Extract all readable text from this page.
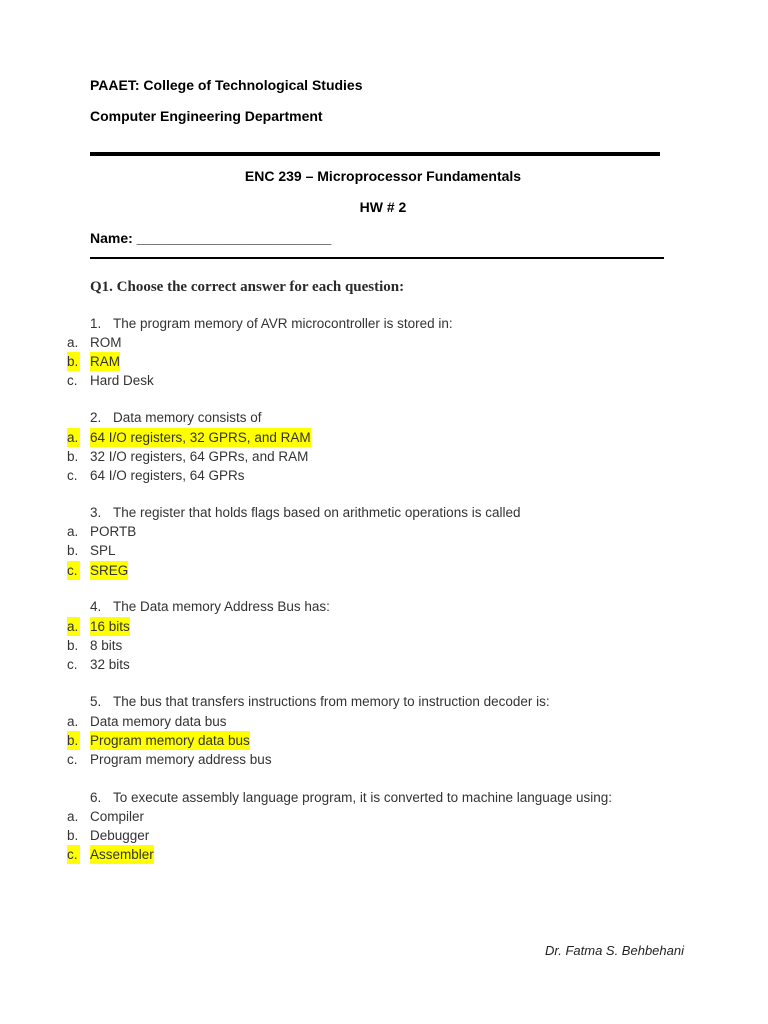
PAAET: College of Technological Studies
Computer Engineering Department
ENC 239 – Microprocessor Fundamentals
HW # 2
Name: _________________________
Q1. Choose the correct answer for each question:
1. The program memory of AVR microcontroller is stored in:
a. ROM
b. RAM
c. Hard Desk
2. Data memory consists of
a. 64 I/O registers, 32 GPRS, and RAM
b. 32 I/O registers, 64 GPRs, and RAM
c. 64 I/O registers, 64 GPRs
3. The register that holds flags based on arithmetic operations is called
a. PORTB
b. SPL
c. SREG
4. The Data memory Address Bus has:
a. 16 bits
b. 8 bits
c. 32 bits
5. The bus that transfers instructions from memory to instruction decoder is:
a. Data memory data bus
b. Program memory data bus
c. Program memory address bus
6. To execute assembly language program, it is converted to machine language using:
a. Compiler
b. Debugger
c. Assembler
Dr. Fatma S. Behbehani
